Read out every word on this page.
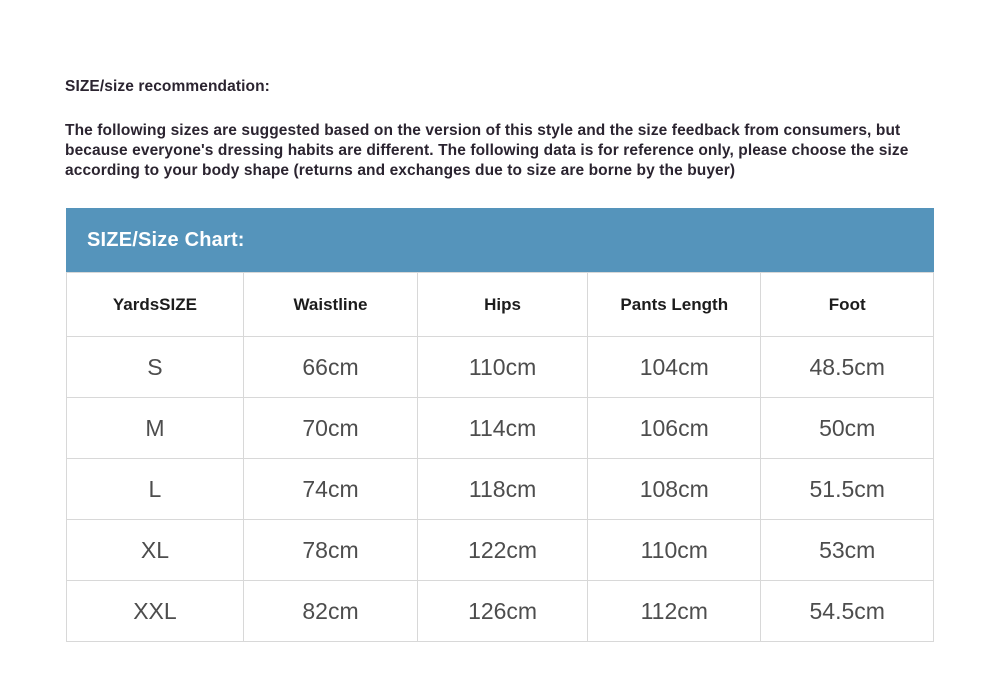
SIZE/size recommendation:
The following sizes are suggested based on the version of this style and the size feedback from consumers, but because everyone's dressing habits are different. The following data is for reference only, please choose the size according to your body shape (returns and exchanges due to size are borne by the buyer)
SIZE/Size Chart:
YardsSIZE	Waistline	Hips	Pants Length	Foot
S	66cm	110cm	104cm	48.5cm
M	70cm	114cm	106cm	50cm
L	74cm	118cm	108cm	51.5cm
XL	78cm	122cm	110cm	53cm
XXL	82cm	126cm	112cm	54.5cm
